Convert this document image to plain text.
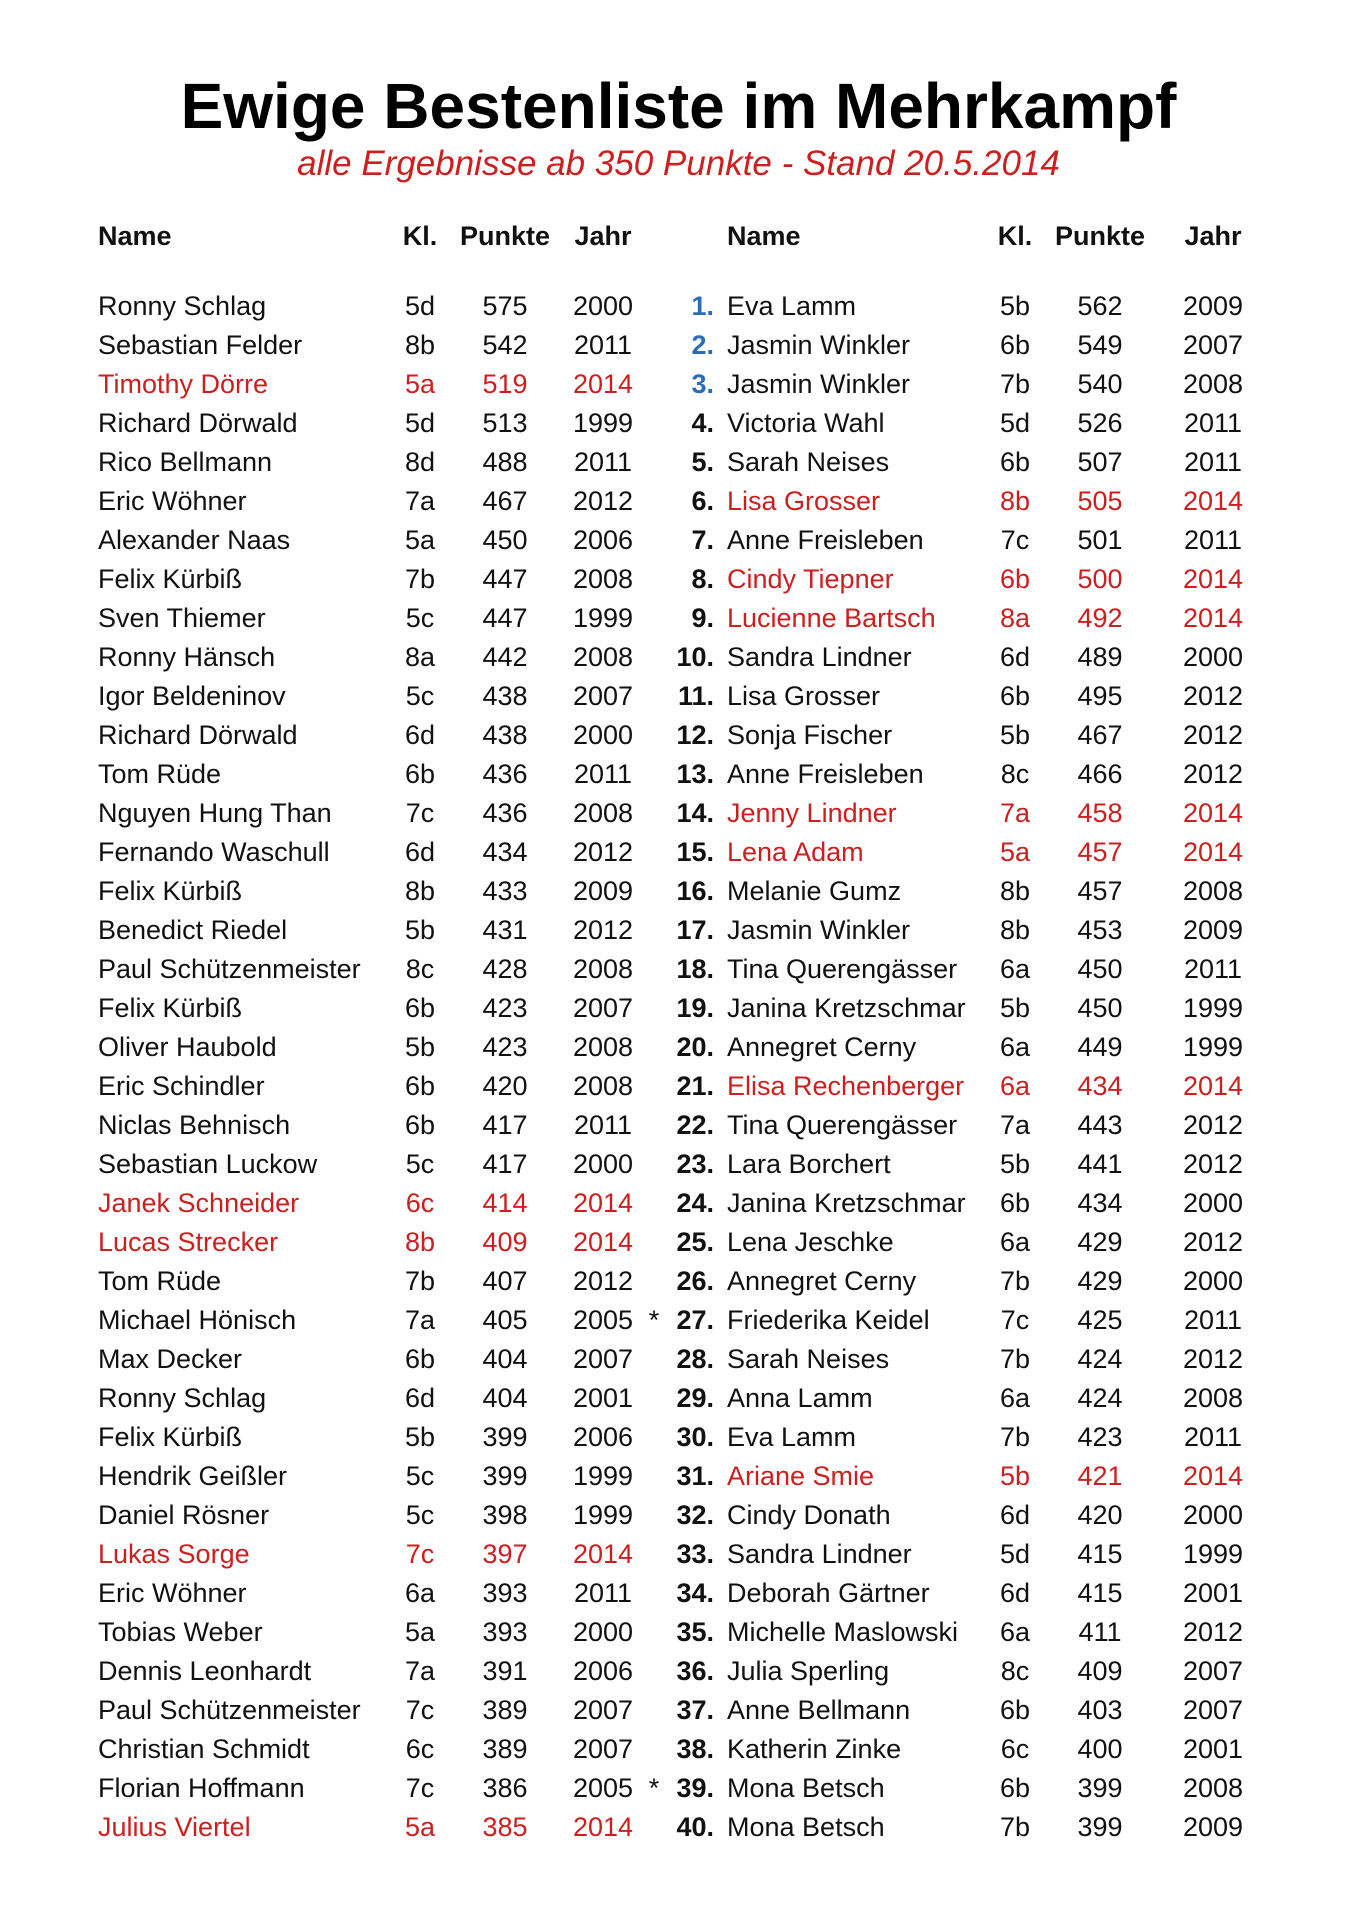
Ewige Bestenliste im Mehrkampf
alle Ergebnisse ab 350 Punkte - Stand 20.5.2014
Name	Kl. Punkte Jahr	Name	Kl. Punkte	Jahr
Ronny Schlag	5d	575	2000	1. Eva Lamm	5b	562	2009
Sebastian Felder	8b	542	2011	2. Jasmin Winkler	6b	549	2007
Timothy Dörre	5a	519	2014	3. Jasmin Winkler	7b	540	2008
Richard Dörwald	5d	513	1999	4. Victoria Wahl	5d	526	2011
Rico Bellmann	8d	488	2011	5. Sarah Neises	6b	507	2011
Eric Wöhner	7a	467	2012	6. Lisa Grosser	8b	505	2014
Alexander Naas	5a	450	2006	7. Anne Freisleben	7c	501	2011
Felix Kürbiß	7b	447	2008	8. Cindy Tiepner	6b	500	2014
Sven Thiemer	5c	447	1999	9. Lucienne Bartsch	8a	492	2014
Ronny Hänsch	8a	442	2008	10. Sandra Lindner	6d	489	2000
Igor Beldeninov	5c	438	2007	11. Lisa Grosser	6b	495	2012
Richard Dörwald	6d	438	2000	12. Sonja Fischer	5b	467	2012
Tom Rüde	6b	436	2011	13. Anne Freisleben	8c	466	2012
Nguyen Hung Than	7c	436	2008	14. Jenny Lindner	7a	458	2014
Fernando Waschull	6d	434	2012	15. Lena Adam	5a	457	2014
Felix Kürbiß	8b	433	2009	16. Melanie Gumz	8b	457	2008
Benedict Riedel	5b	431	2012	17. Jasmin Winkler	8b	453	2009
Paul Schützenmeister 8c	428	2008	18. Tina Querengässer	6a	450	2011
Felix Kürbiß	6b	423	2007	19. Janina Kretzschmar	5b	450	1999
Oliver Haubold	5b	423	2008	20. Annegret Cerny	6a	449	1999
Eric Schindler	6b	420	2008	21. Elisa Rechenberger	6a	434	2014
Niclas Behnisch	6b	417	2011	22. Tina Querengässer	7a	443	2012
Sebastian Luckow	5c	417	2000	23. Lara Borchert	5b	441	2012
Janek Schneider	6c	414	2014	24. Janina Kretzschmar	6b	434	2000
Lucas Strecker	8b	409	2014	25. Lena Jeschke	6a	429	2012
Tom Rüde	7b	407	2012	26. Annegret Cerny	7b	429	2000
Michael Hönisch	7a	405	2005 * 27. Friederika Keidel	7c	425	2011
Max Decker	6b	404	2007	28. Sarah Neises	7b	424	2012
Ronny Schlag	6d	404	2001	29. Anna Lamm	6a	424	2008
Felix Kürbiß	5b	399	2006	30. Eva Lamm	7b	423	2011
Hendrik Geißler	5c	399	1999	31. Ariane Smie	5b	421	2014
Daniel Rösner	5c	398	1999	32. Cindy Donath	6d	420	2000
Lukas Sorge	7c	397	2014	33. Sandra Lindner	5d	415	1999
Eric Wöhner	6a	393	2011	34. Deborah Gärtner	6d	415	2001
Tobias Weber	5a	393	2000	35. Michelle Maslowski	6a	411	2012
Dennis Leonhardt	7a	391	2006	36. Julia Sperling	8c	409	2007
Paul Schützenmeister 7c	389	2007	37. Anne Bellmann	6b	403	2007
Christian Schmidt	6c	389	2007	38. Katherin Zinke	6c	400	2001
Florian Hoffmann	7c	386	2005 * 39. Mona Betsch	6b	399	2008
Julius Viertel	5a	385	2014	40. Mona Betsch	7b	399	2009
